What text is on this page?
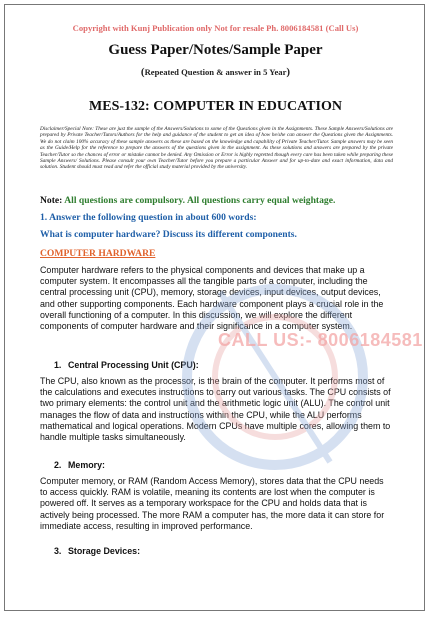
Copyright with Kunj Publication only Not for resale Ph. 8006184581 (Call Us)
Guess Paper/Notes/Sample Paper
(Repeated Question & answer in 5 Year)
MES-132: COMPUTER IN EDUCATION
Disclaimer/Special Note: These are just the sample of the Answers/Solutions to some of the Questions given in the Assignments. These Sample Answers/Solutions are prepared by Private Teacher/Tutors/Authors for the help and guidance of the student to get an idea of how he/she can answer the Questions given the Assignments. We do not claim 100% accuracy of these sample answers as these are based on the knowledge and capability of Private Teacher/Tutor. Sample answers may be seen as the Guide/Help for the reference to prepare the answers of the questions given in the assignment. As these solutions and answers are prepared by the private Teacher/Tutor so the chances of error or mistake cannot be denied. Any Omission or Error is highly regretted though every care has been taken while preparing these Sample Answers/ Solutions. Please consult your own Teacher/Tutor before you prepare a particular Answer and for up-to-date and exact information, data and solution. Student should must read and refer the official study material provided by the university.
Note: All questions are compulsory. All questions carry equal weightage.
1. Answer the following question in about 600 words:
What is computer hardware? Discuss its different components.
COMPUTER HARDWARE
Computer hardware refers to the physical components and devices that make up a computer system. It encompasses all the tangible parts of a computer, including the central processing unit (CPU), memory, storage devices, input devices, output devices, and other supporting components. Each hardware component plays a crucial role in the overall functioning of a computer. In this discussion, we will explore the different components of computer hardware and their significance in a computer system.
1. Central Processing Unit (CPU):
The CPU, also known as the processor, is the brain of the computer. It performs most of the calculations and executes instructions to carry out various tasks. The CPU consists of two primary elements: the control unit and the arithmetic logic unit (ALU). The control unit manages the flow of data and instructions within the CPU, while the ALU performs mathematical and logical operations. Modern CPUs have multiple cores, allowing them to handle multiple tasks simultaneously.
2. Memory:
Computer memory, or RAM (Random Access Memory), stores data that the CPU needs to access quickly. RAM is volatile, meaning its contents are lost when the computer is powered off. It serves as a temporary workspace for the CPU and holds data that is actively being processed. The more RAM a computer has, the more data it can store for immediate access, resulting in improved performance.
3. Storage Devices:
CALL US:- 8006184581
